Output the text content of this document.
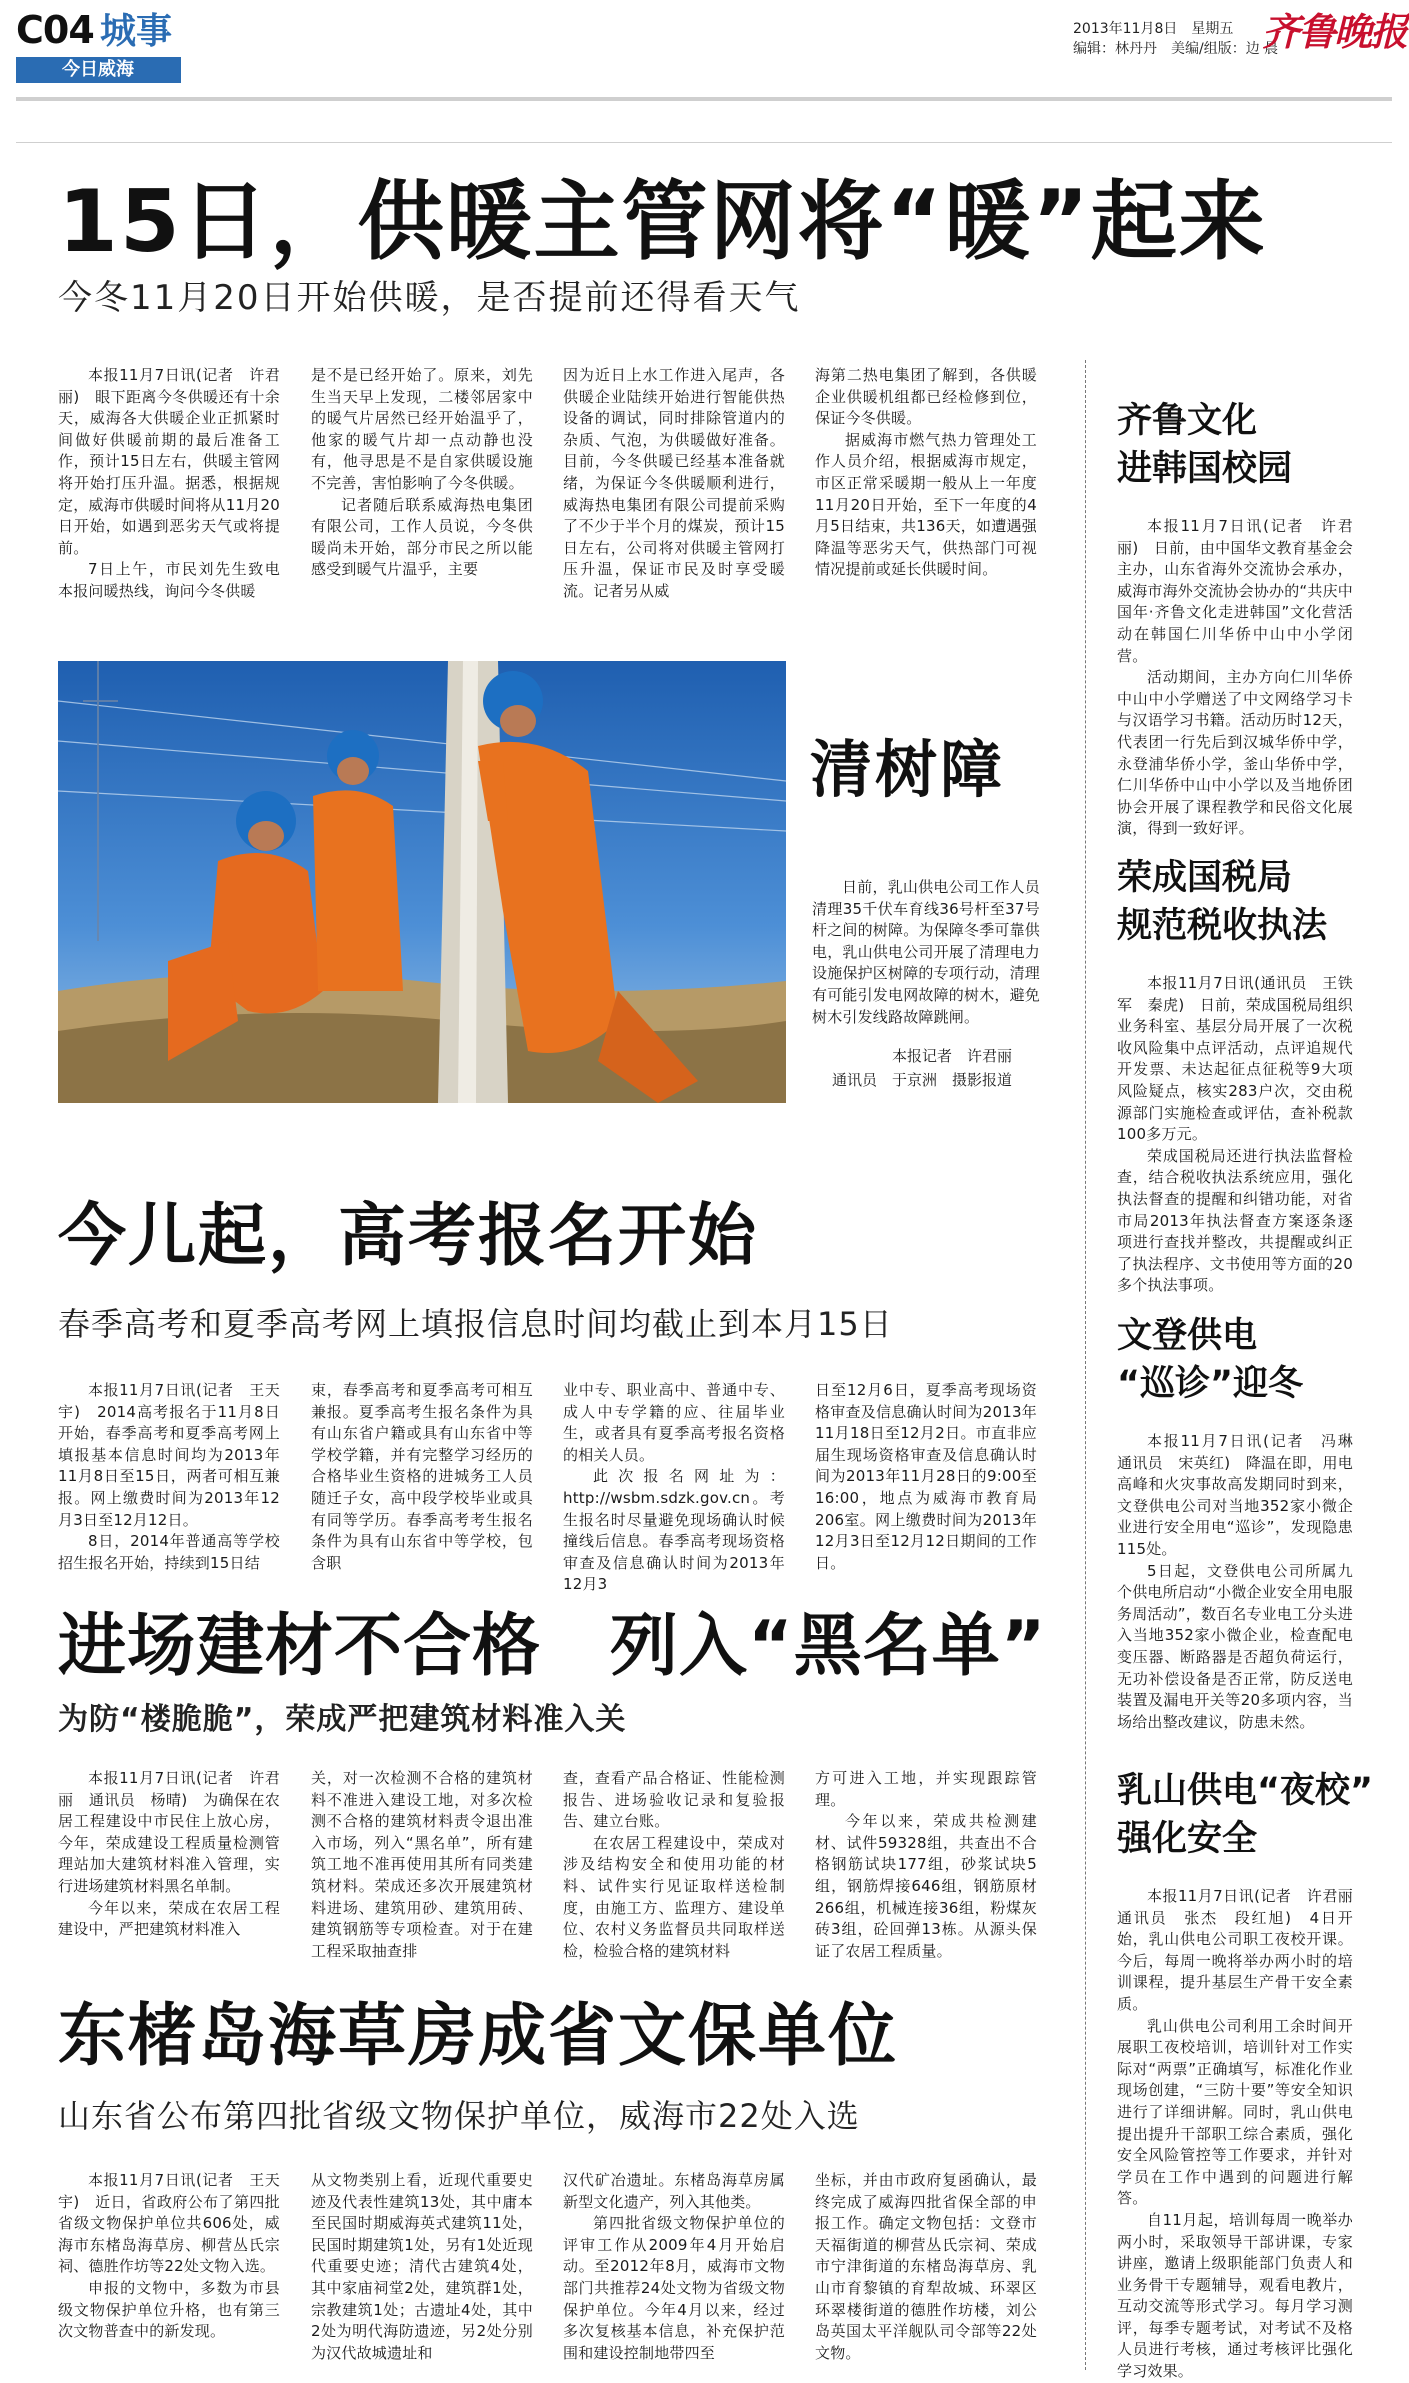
C04 城事
今日威海
2013年11月8日　星期五
编辑：林丹丹　美编/组版：边 晨
齐鲁晚报
15日，供暖主管网将“暖”起来
今冬11月20日开始供暖，是否提前还得看天气

本报11月7日讯(记者　许君丽)　眼下距离今冬供暖还有十余天，威海各大供暖企业正抓紧时间做好供暖前期的最后准备工作，预计15日左右，供暖主管网将开始打压升温。据悉，根据规定，威海市供暖时间将从11月20日开始，如遇到恶劣天气或将提前。

7日上午，市民刘先生致电本报问暖热线，询问今冬供暖

是不是已经开始了。原来，刘先生当天早上发现，二楼邻居家中的暖气片居然已经开始温乎了，他家的暖气片却一点动静也没有，他寻思是不是自家供暖设施不完善，害怕影响了今冬供暖。

记者随后联系威海热电集团有限公司，工作人员说，今冬供暖尚未开始，部分市民之所以能感受到暖气片温乎，主要

因为近日上水工作进入尾声，各供暖企业陆续开始进行智能供热设备的调试，同时排除管道内的杂质、气泡，为供暖做好准备。目前，今冬供暖已经基本准备就绪，为保证今冬供暖顺利进行，威海热电集团有限公司提前采购了不少于半个月的煤炭，预计15日左右，公司将对供暖主管网打压升温，保证市民及时享受暖流。记者另从威

海第二热电集团了解到，各供暖企业供暖机组都已经检修到位，保证今冬供暖。

据威海市燃气热力管理处工作人员介绍，根据威海市规定，市区正常采暖期一般从上一年度11月20日开始，至下一年度的4月5日结束，共136天，如遭遇强降温等恶劣天气，供热部门可视情况提前或延长供暖时间。

清树障

日前，乳山供电公司工作人员清理35千伏车育线36号杆至37号杆之间的树障。为保障冬季可靠供电，乳山供电公司开展了清理电力设施保护区树障的专项行动，清理有可能引发电网故障的树木，避免树木引发线路故障跳闸。

本报记者　许君丽
通讯员　于京洲　摄影报道
今儿起，高考报名开始
春季高考和夏季高考网上填报信息时间均截止到本月15日

本报11月7日讯(记者　王天宇)　2014高考报名于11月8日开始，春季高考和夏季高考网上填报基本信息时间均为2013年11月8日至15日，两者可相互兼报。网上缴费时间为2013年12月3日至12月12日。

8日，2014年普通高等学校招生报名开始，持续到15日结

束，春季高考和夏季高考可相互兼报。夏季高考生报名条件为具有山东省户籍或具有山东省中等学校学籍，并有完整学习经历的合格毕业生资格的进城务工人员随迁子女，高中段学校毕业或具有同等学历。春季高考考生报名条件为具有山东省中等学校，包含职

业中专、职业高中、普通中专、成人中专学籍的应、往届毕业生，或者具有夏季高考报名资格的相关人员。

此次报名网址为：http://wsbm.sdzk.gov.cn。考生报名时尽量避免现场确认时候撞线后信息。春季高考现场资格审查及信息确认时间为2013年12月3

日至12月6日，夏季高考现场资格审查及信息确认时间为2013年11月18日至12月2日。市直非应届生现场资格审查及信息确认时间为2013年11月28日的9:00至16:00，地点为威海市教育局206室。网上缴费时间为2013年12月3日至12月12日期间的工作日。

进场建材不合格　列入“黑名单”
为防“楼脆脆”，荣成严把建筑材料准入关

本报11月7日讯(记者　许君丽　通讯员　杨晴)　为确保在农居工程建设中市民住上放心房，今年，荣成建设工程质量检测管理站加大建筑材料准入管理，实行进场建筑材料黑名单制。

今年以来，荣成在农居工程建设中，严把建筑材料准入

关，对一次检测不合格的建筑材料不准进入建设工地，对多次检测不合格的建筑材料责令退出准入市场，列入“黑名单”，所有建筑工地不准再使用其所有同类建筑材料。荣成还多次开展建筑材料进场、建筑用砂、建筑用砖、建筑钢筋等专项检查。对于在建工程采取抽查排

查，查看产品合格证、性能检测报告、进场验收记录和复验报告、建立台账。

在农居工程建设中，荣成对涉及结构安全和使用功能的材料、试件实行见证取样送检制度，由施工方、监理方、建设单位、农村义务监督员共同取样送检，检验合格的建筑材料

方可进入工地，并实现跟踪管理。

今年以来，荣成共检测建材、试件59328组，共查出不合格钢筋试块177组，砂浆试块5组，钢筋焊接646组，钢筋原材266组，机械连接36组，粉煤灰砖3组，砼回弹13栋。从源头保证了农居工程质量。

东楮岛海草房成省文保单位
山东省公布第四批省级文物保护单位，威海市22处入选

本报11月7日讯(记者　王天宇)　近日，省政府公布了第四批省级文物保护单位共606处，威海市东楮岛海草房、柳营丛氏宗祠、德胜作坊等22处文物入选。

申报的文物中，多数为市县级文物保护单位升格，也有第三次文物普查中的新发现。

从文物类别上看，近现代重要史迹及代表性建筑13处，其中庸本至民国时期威海英式建筑11处，民国时期建筑1处，另有1处近现代重要史迹；清代古建筑4处，其中家庙祠堂2处，建筑群1处，宗教建筑1处；古遗址4处，其中2处为明代海防遗迹，另2处分别为汉代故城遗址和

汉代矿冶遗址。东楮岛海草房属新型文化遗产，列入其他类。

第四批省级文物保护单位的评审工作从2009年4月开始启动。至2012年8月，威海市文物部门共推荐24处文物为省级文物保护单位。今年4月以来，经过多次复核基本信息，补充保护范围和建设控制地带四至

坐标，并由市政府复函确认，最终完成了威海四批省保全部的申报工作。确定文物包括：文登市天福街道的柳营丛氏宗祠、荣成市宁津街道的东楮岛海草房、乳山市育黎镇的育犁故城、环翠区环翠楼街道的德胜作坊楼，刘公岛英国太平洋舰队司令部等22处文物。

齐鲁文化
进韩国校园

本报11月7日讯(记者　许君丽)　日前，由中国华文教育基金会主办，山东省海外交流协会承办，威海市海外交流协会协办的“共庆中国年·齐鲁文化走进韩国”文化营活动在韩国仁川华侨中山中小学闭营。

活动期间，主办方向仁川华侨中山中小学赠送了中文网络学习卡与汉语学习书籍。活动历时12天，代表团一行先后到汉城华侨中学，永登浦华侨小学，釜山华侨中学，仁川华侨中山中小学以及当地侨团协会开展了课程教学和民俗文化展演，得到一致好评。

荣成国税局
规范税收执法

本报11月7日讯(通讯员　王铁军　秦虎)　日前，荣成国税局组织业务科室、基层分局开展了一次税收风险集中点评活动，点评追规代开发票、未达起征点征税等9大项风险疑点，核实283户次，交由税源部门实施检查或评估，查补税款100多万元。

荣成国税局还进行执法监督检查，结合税收执法系统应用，强化执法督查的提醒和纠错功能，对省市局2013年执法督查方案逐条逐项进行查找并整改，共提醒或纠正了执法程序、文书使用等方面的20多个执法事项。

文登供电
“巡诊”迎冬

本报11月7日讯(记者　冯琳　通讯员　宋英红)　降温在即，用电高峰和火灾事故高发期同时到来，文登供电公司对当地352家小微企业进行安全用电“巡诊”，发现隐患115处。

5日起，文登供电公司所属九个供电所启动“小微企业安全用电服务周活动”，数百名专业电工分头进入当地352家小微企业，检查配电变压器、断路器是否超负荷运行，无功补偿设备是否正常，防反送电装置及漏电开关等20多项内容，当场给出整改建议，防患未然。

乳山供电“夜校”
强化安全

本报11月7日讯(记者　许君丽　通讯员　张杰　段红旭)　4日开始，乳山供电公司职工夜校开课。今后，每周一晚将举办两小时的培训课程，提升基层生产骨干安全素质。

乳山供电公司利用工余时间开展职工夜校培训，培训针对工作实际对“两票”正确填写，标准化作业现场创建，“三防十要”等安全知识进行了详细讲解。同时，乳山供电提出提升干部职工综合素质，强化安全风险管控等工作要求，并针对学员在工作中遇到的问题进行解答。

自11月起，培训每周一晚举办两小时，采取领导干部讲课，专家讲座，邀请上级职能部门负责人和业务骨干专题辅导，观看电教片，互动交流等形式学习。每月学习测评，每季专题考试，对考试不及格人员进行考核，通过考核评比强化学习效果。
